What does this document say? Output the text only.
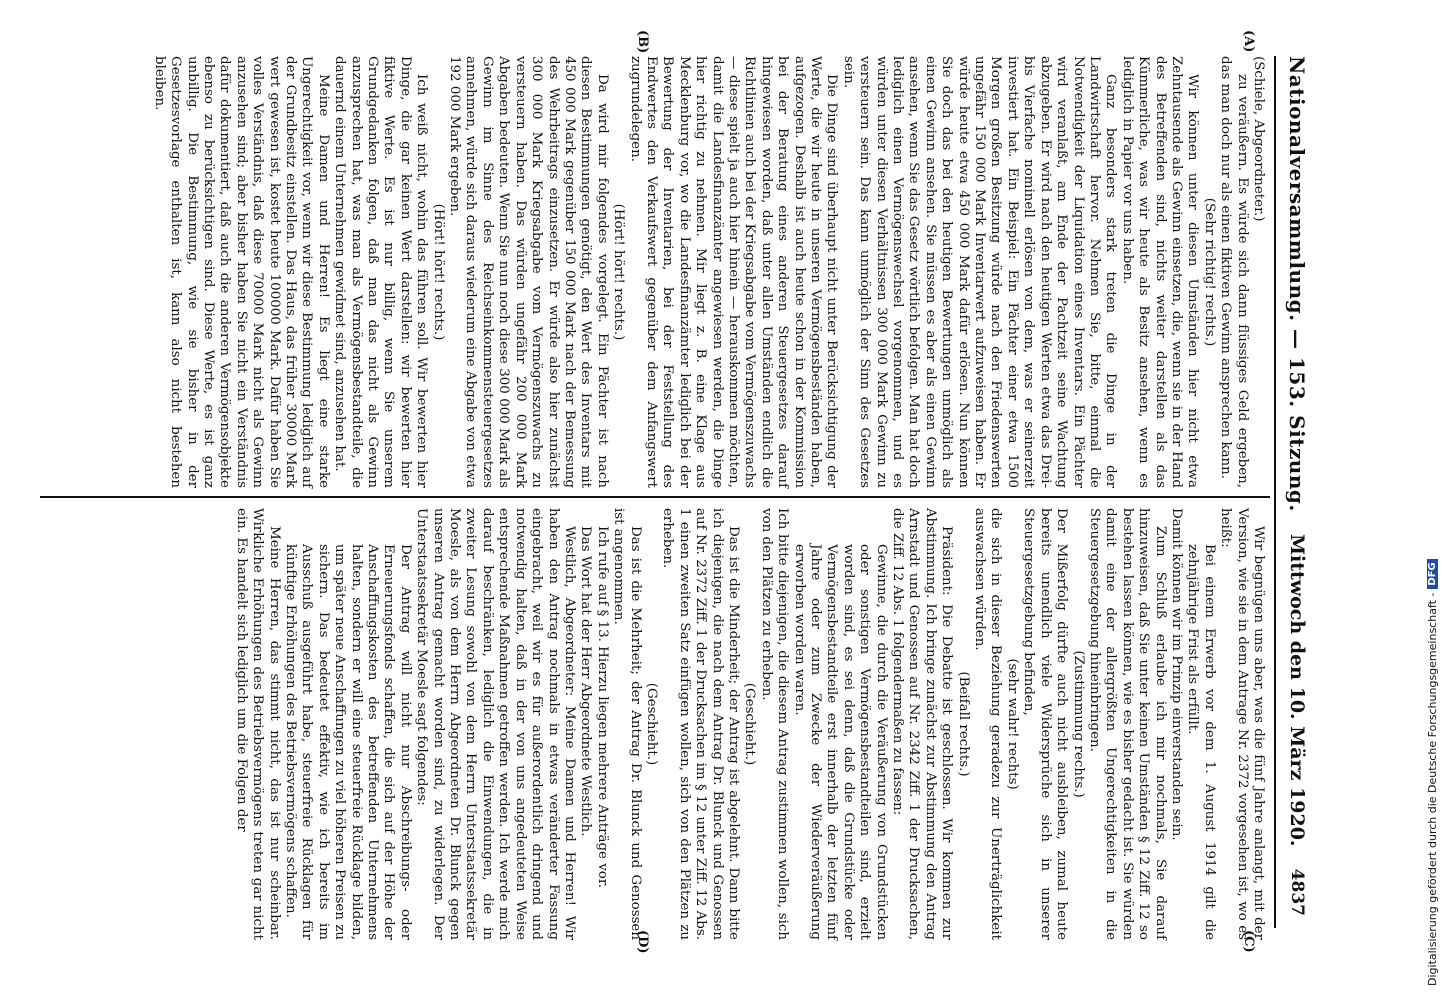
Nationalversammlung. — 153. Sitzung.
Mittwoch den 10. März 1920.
4837
(A)
(B)
(C)
(D)

(Schiele, Abgeordneter.)

zu veräußern. Es würde sich dann flüssiges Geld ergeben, das man doch nur als einen fiktiven Gewinn ansprechen kann.

(Sehr richtig! rechts.)

Wir können unter diesen Umständen hier nicht etwa Zehntausende als Gewinn einsetzen, die, wenn sie in der Hand des Betreffenden sind, nichts weiter darstellen als das Kümmerliche, was wir heute als Besitz ansehen, wenn es lediglich in Papier vor uns haben.

Ganz besonders stark treten die Dinge in der Landwirtschaft hervor. Nehmen Sie, bitte, einmal die Notwendigkeit der Liquidation eines Inventars. Ein Pächter wird veranlaßt, am Ende der Pachtzeit seine Wachtung abzugeben. Er wird nach den heutigen Werten etwa das Drei- bis Vierfache nominell erlösen von dem, was er seinerzeit investiert hat. Ein Beispiel: Ein Pächter einer etwa 1500 Morgen großen Besitzung würde nach den Friedenswerten ungefähr 150 000 Mark Inventarwert aufzuweisen haben. Er würde heute etwa 450 000 Mark dafür erlösen. Nun können Sie doch das bei den heutigen Bewertungen unmöglich als einen Gewinn ansehen. Sie müssen es aber als einen Gewinn ansehen, wenn Sie das Gesetz wörtlich befolgen. Man hat doch lediglich einen Vermögenswechsel vorgenommen, und es würden unter diesen Verhältnissen 300 000 Mark Gewinn zu versteuern sein. Das kann unmöglich der Sinn des Gesetzes sein.

Die Dinge sind überhaupt nicht unter Berücksichtigung der Werte, die wir heute in unseren Vermögensbeständen haben, aufgezogen. Deshalb ist auch heute schon in der Kommission bei der Beratung eines anderen Steuergesetzes darauf hingewiesen worden, daß unter allen Umständen endlich die Richtlinien auch bei der Kriegsabgabe vom Vermögenszuwachs — diese spielt ja auch hier hinein — herauskommen möchten, damit die Landesfinanzämter angewiesen werden, die Dinge hier richtig zu nehmen. Mir liegt z. B. eine Klage aus Mecklenburg vor, wo die Landesfinanzämter lediglich bei der Bewertung der Inventarien, bei der Feststellung des Endwertes den Verkaufswert gegenüber dem Anfangswert zugrundelegen.

(Hört! hört! rechts.)

Da wird mir folgendes vorgelegt. Ein Pächter ist nach diesen Bestimmungen genötigt, den Wert des Inventars mit 450 000 Mark gegenüber 150 000 Mark nach der Bemessung des Wehrbeitrags einzusetzen. Er würde also hier zunächst 300 000 Mark Kriegsabgabe vom Vermögenszuwachs zu versteuern haben. Das würden ungefähr 200 000 Mark Abgaben bedeuten. Wenn Sie nun noch diese 300 000 Mark als Gewinn im Sinne des Reichseinkommensteuergesetzes annehmen, würde sich daraus wiederum eine Abgabe von etwa 192 000 Mark ergeben.

(Hört! hört! rechts.)

Ich weiß nicht, wohin das führen soll. Wir bewerten hier Dinge, die gar keinen Wert darstellen: wir bewerten hier fiktive Werte. Es ist nur billig, wenn Sie unserem Grundgedanken folgen, daß man das nicht als Gewinn anzusprechen hat, was man als Vermögensbestandteile, die dauernd einem Unternehmen gewidmet sind, anzusehen hat.

Meine Damen und Herren! Es liegt eine starke Ungerechtigkeit vor, wenn wir diese Bestimmung lediglich auf der Grundbesitz einstellen. Das Haus, das früher 30000 Mark wert gewesen ist, kostet heute 100000 Mark. Dafür haben Sie volles Verständnis, daß diese 70000 Mark nicht als Gewinn anzusehen sind; aber bisher haben Sie nicht ein Verständnis dafür dokumentiert, daß auch die anderen Vermögensobjekte ebenso zu berücksichtigen sind. Diese Werte, es ist ganz unbillig. Die Bestimmung, wie sie bisher in der Gesetzesvorlage enthalten ist, kann also nicht bestehen bleiben.

Wir begnügen uns aber, was die fünf Jahre anlangt, mit der Version, wie sie in dem Antrage Nr. 2372 vorgesehen ist, wo es heißt:

Bei einem Erwerb vor dem 1. August 1914 gilt die zehnjährige Frist als erfüllt.

Damit können wir im Prinzip einverstanden sein.

Zum Schluß erlaube ich mir nochmals, Sie darauf hinzuweisen, daß Sie unter keinen Umständen § 12 Ziff. 12 so bestehen lassen können, wie es bisher gedacht ist. Sie würden damit eine der allergrößten Ungerechtigkeiten in die Steuergesetzgebung hineinbringen.

(Zustimmung rechts.)

Der Mißerfolg dürfte auch nicht ausbleiben, zumal heute bereits unendlich viele Widersprüche sich in unserer Steuergesetzgebung befinden,

(sehr wahr! rechts)

die sich in dieser Beziehung geradezu zur Unerträglichkeit auswachsen würden.

(Beifall rechts.)

Präsident: Die Debatte ist geschlossen. Wir kommen zur Abstimmung. Ich bringe zunächst zur Abstimmung den Antrag Arnstadt und Genossen auf Nr. 2342 Ziff. 1 der Drucksachen, die Ziff. 12 Abs. 1 folgendermaßen zu fassen:

Gewinne, die durch die Veräußerung von Grundstücken oder sonstigen Vermögensbestandteilen sind, erzielt worden sind, es sei denn, daß die Grundstücke oder Vermögensbestandteile erst innerhalb der letzten fünf Jahre oder zum Zwecke der Wiederveräußerung erworben worden waren.

Ich bitte diejenigen, die diesem Antrag zustimmen wollen, sich von den Plätzen zu erheben.

(Geschieht.)

Das ist die Minderheit; der Antrag ist abgelehnt. Dann bitte ich diejenigen, die nach dem Antrag Dr. Blunck und Genossen auf Nr. 2372 Ziff. 1 der Drucksachen im § 12 unter Ziff. 12 Abs. 1 einen zweiten Satz einfügen wollen, sich von den Plätzen zu erheben.

(Geschieht.)

Das ist die Mehrheit; der Antrag Dr. Blunck und Genossen ist angenommen.

Ich rufe auf § 13. Hierzu liegen mehrere Anträge vor.

Das Wort hat der Herr Abgeordnete Westlich.

Westlich, Abgeordneter: Meine Damen und Herren! Wir haben den Antrag nochmals in etwas veränderter Fassung eingebracht, weil wir es für außerordentlich dringend und notwendig halten, daß in der von uns angedeuteten Weise entsprechende Maßnahmen getroffen werden. Ich werde mich darauf beschränken, lediglich die Einwendungen, die in zweiter Lesung sowohl von dem Herrn Unterstaatssekretär Moesle, als von dem Herrn Abgeordneten Dr. Blunck gegen unseren Antrag gemacht worden sind, zu widerlegen. Der Unterstaatssekretär Moesle sagt folgendes:

Der Antrag will nicht nur Abschreibungs- oder Erneuerungsfonds schaffen, die sich auf der Höhe der Anschaffungskosten des betreffenden Unternehmens halten, sondern er will eine steuerfreie Rücklage bilden, um später neue Anschaffungen zu viel höheren Preisen zu sichern. Das bedeutet effektiv, wie ich bereits im Ausschuß ausgeführt habe, steuerfreie Rücklagen für künftige Erhöhungen des Betriebsvermögens schaffen.

Meine Herren, das stimmt nicht, das ist nur scheinbar. Wirkliche Erhöhungen des Betriebsvermögens treten gar nicht ein. Es handelt sich lediglich um die Folgen der	Digitalisierung gefördert durch die Deutsche Forschungsgemeinschaft -
DFG
